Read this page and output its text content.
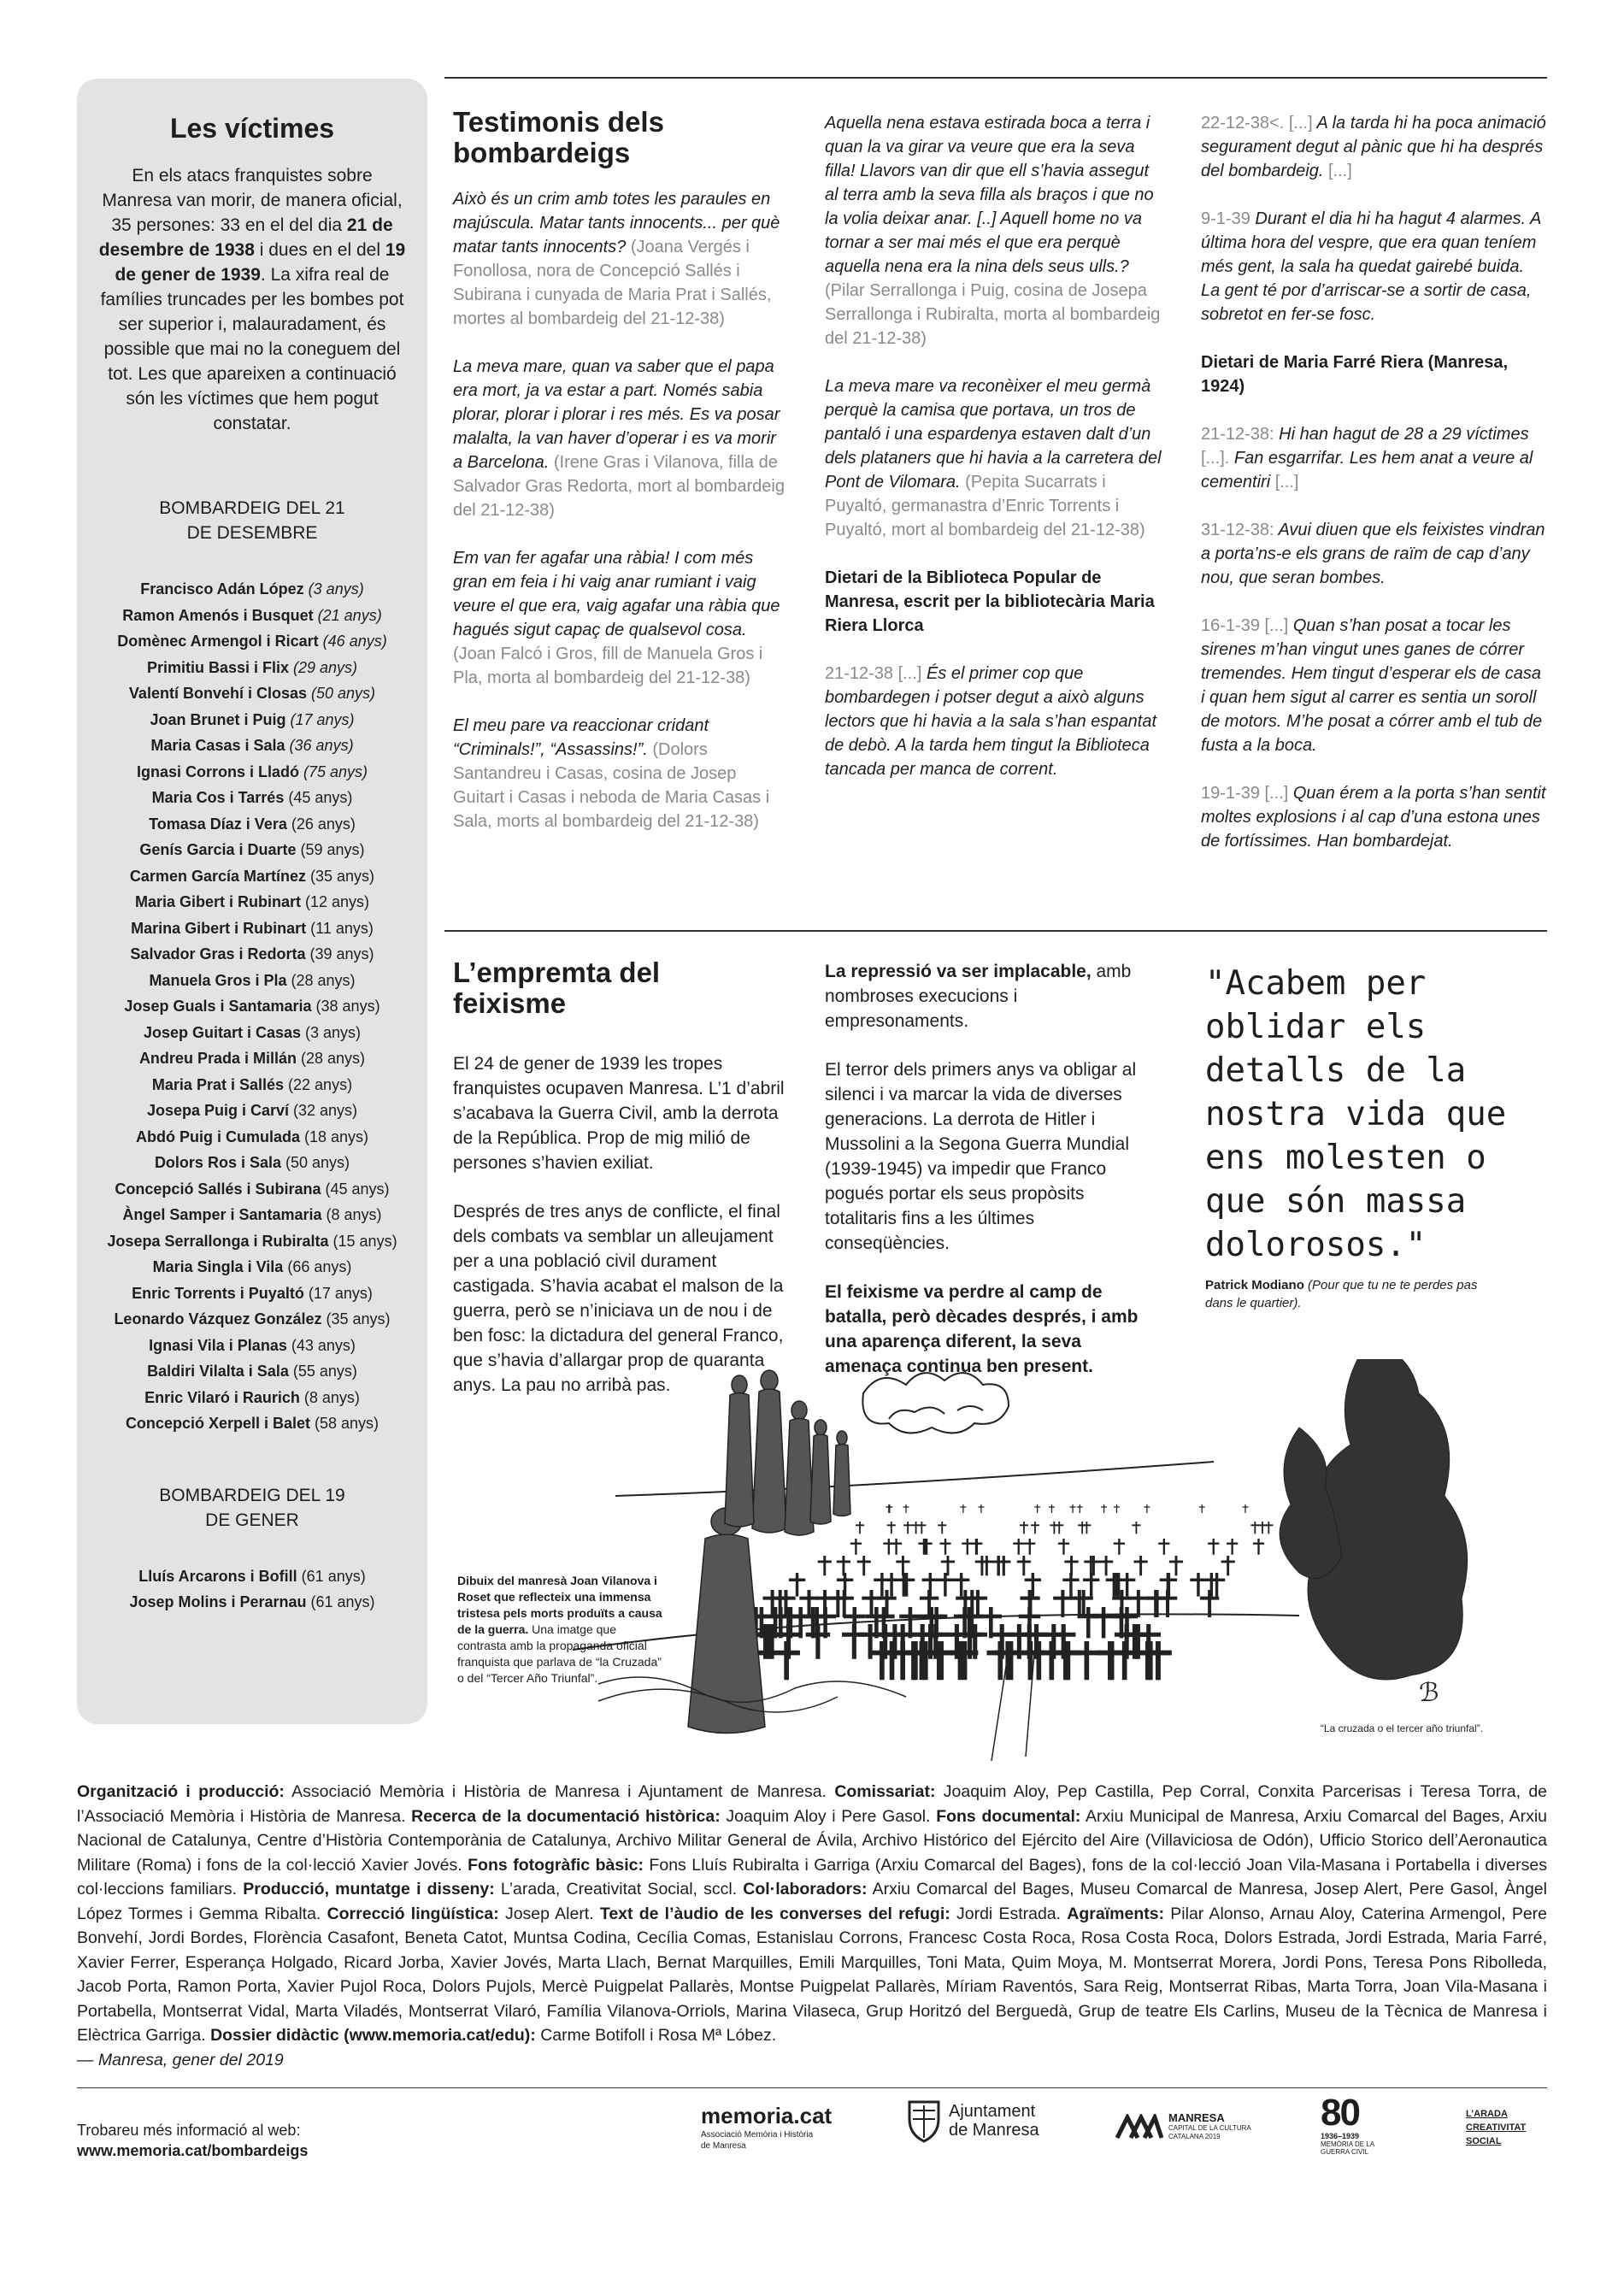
Les víctimes

En els atacs franquistes sobre Manresa van morir, de manera oficial, 35 persones: 33 en el del dia 21 de desembre de 1938 i dues en el del 19 de gener de 1939. La xifra real de famílies truncades per les bombes pot ser superior i, malauradament, és possible que mai no la coneguem del tot. Les que apareixen a continuació són les víctimes que hem pogut constatar.

BOMBARDEIG DEL 21 DE DESEMBRE

Francisco Adán López (3 anys)
Ramon Amenós i Busquet (21 anys)
Domènec Armengol i Ricart (46 anys)
Primitiu Bassi i Flix (29 anys)
Valentí Bonvehí i Closas (50 anys)
Joan Brunet i Puig (17 anys)
Maria Casas i Sala (36 anys)
Ignasi Corrons i Lladó (75 anys)
Maria Cos i Tarrés (45 anys)
Tomasa Díaz i Vera (26 anys)
Genís Garcia i Duarte (59 anys)
Carmen García Martínez (35 anys)
Maria Gibert i Rubinart (12 anys)
Marina Gibert i Rubinart (11 anys)
Salvador Gras i Redorta (39 anys)
Manuela Gros i Pla (28 anys)
Josep Guals i Santamaria (38 anys)
Josep Guitart i Casas (3 anys)
Andreu Prada i Millán (28 anys)
Maria Prat i Sallés (22 anys)
Josepa Puig i Carví (32 anys)
Abdó Puig i Cumulada (18 anys)
Dolors Ros i Sala (50 anys)
Concepció Sallés i Subirana (45 anys)
Àngel Samper i Santamaria (8 anys)
Josepa Serrallonga i Rubiralta (15 anys)
Maria Singla i Vila (66 anys)
Enric Torrents i Puyaltó (17 anys)
Leonardo Vázquez González (35 anys)
Ignasi Vila i Planas (43 anys)
Baldiri Vilalta i Sala (55 anys)
Enric Vilaró i Raurich (8 anys)
Concepció Xerpell i Balet (58 anys)

BOMBARDEIG DEL 19 DE GENER

Lluís Arcarons i Bofill (61 anys)
Josep Molins i Perarnau (61 anys)
Testimonis dels bombardeigs

Això és un crim amb totes les paraules en majúscula. Matar tants innocents... per què matar tants innocents? (Joana Vergés i Fonollosa, nora de Concepció Sallés i Subirana i cunyada de Maria Prat i Sallés, mortes al bombardeig del 21-12-38)

La meva mare, quan va saber que el papa era mort, ja va estar a part. Només sabia plorar, plorar i plorar i res més. Es va posar malalta, la van haver d’operar i es va morir a Barcelona. (Irene Gras i Vilanova, filla de Salvador Gras Redorta, mort al bombardeig del 21-12-38)

Em van fer agafar una ràbia! I com més gran em feia i hi vaig anar rumiant i vaig veure el que era, vaig agafar una ràbia que hagués sigut capaç de qualsevol cosa. (Joan Falcó i Gros, fill de Manuela Gros i Pla, morta al bombardeig del 21-12-38)

El meu pare va reaccionar cridant “Criminals!”, “Assassins!”. (Dolors Santandreu i Casas, cosina de Josep Guitart i Casas i neboda de Maria Casas i Sala, morts al bombardeig del 21-12-38)

Aquella nena estava estirada boca a terra i quan la va girar va veure que era la seva filla! Llavors van dir que ell s’havia assegut al terra amb la seva filla als braços i que no la volia deixar anar. [..] Aquell home no va tornar a ser mai més el que era perquè aquella nena era la nina dels seus ulls.? (Pilar Serrallonga i Puig, cosina de Josepa Serrallonga i Rubiralta, morta al bombardeig del 21-12-38)

La meva mare va reconèixer el meu germà perquè la camisa que portava, un tros de pantaló i una espardenya estaven dalt d’un dels plataners que hi havia a la carretera del Pont de Vilomara. (Pepita Sucarrats i Puyaltó, germanastra d’Enric Torrents i Puyaltó, mort al bombardeig del 21-12-38)

Dietari de la Biblioteca Popular de Manresa, escrit per la bibliotecària Maria Riera Llorca

21-12-38 [...] És el primer cop que bombardegen i potser degut a això alguns lectors que hi havia a la sala s’han espantat de debò. A la tarda hem tingut la Biblioteca tancada per manca de corrent.

22-12-38<. [...] A la tarda hi ha poca animació segurament degut al pànic que hi ha després del bombardeig. [...]

9-1-39 Durant el dia hi ha hagut 4 alarmes. A última hora del vespre, que era quan teníem més gent, la sala ha quedat gairebé buida. La gent té por d’arriscar-se a sortir de casa, sobretot en fer-se fosc.

Dietari de Maria Farré Riera (Manresa, 1924)

21-12-38: Hi han hagut de 28 a 29 víctimes [...]. Fan esgarrifar. Les hem anat a veure al cementiri [...]

31-12-38: Avui diuen que els feixistes vindran a porta’ns-e els grans de raïm de cap d’any nou, que seran bombes.

16-1-39 [...] Quan s’han posat a tocar les sirenes m’han vingut unes ganes de córrer tremendes. Hem tingut d’esperar els de casa i quan hem sigut al carrer es sentia un soroll de motors. M’he posat a córrer amb el tub de fusta a la boca.

19-1-39 [...] Quan érem a la porta s’han sentit moltes explosions i al cap d’una estona unes de fortíssimes. Han bombardejat.

L’empremta del feixisme

El 24 de gener de 1939 les tropes franquistes ocupaven Manresa. L’1 d’abril s’acabava la Guerra Civil, amb la derrota de la República. Prop de mig milió de persones s’havien exiliat.

Després de tres anys de conflicte, el final dels combats va semblar un alleujament per a una població civil durament castigada. S’havia acabat el malson de la guerra, però se n’iniciava un de nou i de ben fosc: la dictadura del general Franco, que s’havia d’allargar prop de quaranta anys. La pau no arribà pas.

La repressió va ser implacable, amb nombroses execucions i empresonaments.

El terror dels primers anys va obligar al silenci i va marcar la vida de diverses generacions. La derrota de Hitler i Mussolini a la Segona Guerra Mundial (1939-1945) va impedir que Franco pogués portar els seus propòsits totalitaris fins a les últimes conseqüències.

El feixisme va perdre al camp de batalla, però dècades després, i amb una aparença diferent, la seva amenaça continua ben present.

"Acabem per oblidar els detalls de la nostra vida que ens molesten o que són massa dolorosos."
Patrick Modiano (Pour que tu ne te perdes pas dans le quartier).
ℬ
Dibuix del manresà Joan Vilanova i Roset que reflecteix una immensa tristesa pels morts produïts a causa de la guerra. Una imatge que contrasta amb la propaganda oficial franquista que parlava de “la Cruzada” o del “Tercer Año Triunfal”.
“La cruzada o el tercer año triunfal”.
Organització i producció: Associació Memòria i Història de Manresa i Ajuntament de Manresa. Comissariat: Joaquim Aloy, Pep Castilla, Pep Corral, Conxita Parcerisas i Teresa Torra, de l’Associació Memòria i Història de Manresa. Recerca de la documentació històrica: Joaquim Aloy i Pere Gasol. Fons documental: Arxiu Municipal de Manresa, Arxiu Comarcal del Bages, Arxiu Nacional de Catalunya, Centre d’Història Contemporània de Catalunya, Archivo Militar General de Ávila, Archivo Histórico del Ejército del Aire (Villaviciosa de Odón), Ufficio Storico dell’Aeronautica Militare (Roma) i fons de la col·lecció Xavier Jovés. Fons fotogràfic bàsic: Fons Lluís Rubiralta i Garriga (Arxiu Comarcal del Bages), fons de la col·lecció Joan Vila-Masana i Portabella i diverses col·leccions familiars. Producció, muntatge i disseny: L’arada, Creativitat Social, sccl. Col·laboradors: Arxiu Comarcal del Bages, Museu Comarcal de Manresa, Josep Alert, Pere Gasol, Àngel López Tormes i Gemma Ribalta. Correcció lingüística: Josep Alert. Text de l’àudio de les converses del refugi: Jordi Estrada. Agraïments: Pilar Alonso, Arnau Aloy, Caterina Armengol, Pere Bonvehí, Jordi Bordes, Florència Casafont, Beneta Catot, Muntsa Codina, Cecília Comas, Estanislau Corrons, Francesc Costa Roca, Rosa Costa Roca, Dolors Estrada, Jordi Estrada, Maria Farré, Xavier Ferrer, Esperança Holgado, Ricard Jorba, Xavier Jovés, Marta Llach, Bernat Marquilles, Emili Marquilles, Toni Mata, Quim Moya, M. Montserrat Morera, Jordi Pons, Teresa Pons Ribolleda, Jacob Porta, Ramon Porta, Xavier Pujol Roca, Dolors Pujols, Mercè Puigpelat Pallarès, Montse Puigpelat Pallarès, Míriam Raventós, Sara Reig, Montserrat Ribas, Marta Torra, Joan Vila-Masana i Portabella, Montserrat Vidal, Marta Viladés, Montserrat Vilaró, Família Vilanova-Orriols, Marina Vilaseca, Grup Horitzó del Berguedà, Grup de teatre Els Carlins, Museu de la Tècnica de Manresa i Elèctrica Garriga. Dossier didàctic (www.memoria.cat/edu): Carme Botifoll i Rosa Mª Lóbez.
— Manresa, gener del 2019
Trobareu més informació al web:
www.memoria.cat/bombardeigs
memoria.cat
Associació Memòria i Història de Manresa
Ajuntament de Manresa
MANRESA
CAPITAL DE LA CULTURA CATALANA 2019
80
1936–1939
MEMÒRIA DE LA GUERRA CIVIL
L’ARADA CREATIVITAT SOCIAL
